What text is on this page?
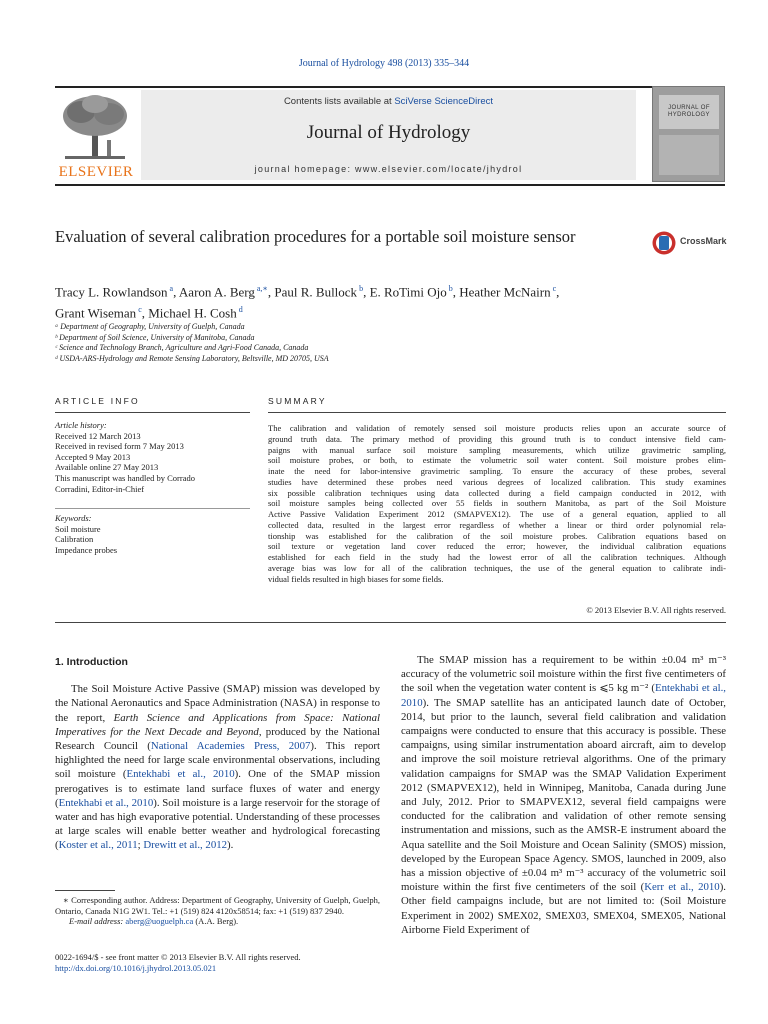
Journal of Hydrology 498 (2013) 335–344
ELSEVIER
Contents lists available at SciVerse ScienceDirect
Journal of Hydrology
journal homepage: www.elsevier.com/locate/jhydrol
JOURNAL OF HYDROLOGY
Evaluation of several calibration procedures for a portable soil moisture sensor	CrossMark
Tracy L. Rowlandson $^a$, Aaron A. Berg $^{a,∗}$, Paul R. Bullock $^b$, E. RoTimi Ojo $^b$, Heather McNairn $^c$,
Grant Wiseman $^c$, Michael H. Cosh $^d$
ᵃ Department of Geography, University of Guelph, Canada
ᵇ Department of Soil Science, University of Manitoba, Canada
ᶜ Science and Technology Branch, Agriculture and Agri-Food Canada, Canada
ᵈ USDA-ARS-Hydrology and Remote Sensing Laboratory, Beltsville, MD 20705, USA
ARTICLE INFO
Article history:
Received 12 March 2013
Received in revised form 7 May 2013
Accepted 9 May 2013
Available online 27 May 2013
This manuscript was handled by Corrado
Corradini, Editor-in-Chief
Keywords:
Soil moisture
Calibration
Impedance probes
SUMMARY
The calibration and validation of remotely sensed soil moisture products relies upon an accurate source of
ground truth data. The primary method of providing this ground truth is to conduct intensive field cam-
paigns with manual surface soil moisture sampling measurements, which utilize gravimetric sampling,
soil moisture probes, or both, to estimate the volumetric soil water content. Soil moisture probes elim-
inate the need for labor-intensive gravimetric sampling. To ensure the accuracy of these probes, several
studies have determined these probes need various degrees of localized calibration. This study examines
six possible calibration techniques using data collected during a field campaign conducted in 2012, with
soil moisture samples being collected over 55 fields in southern Manitoba, as part of the Soil Moisture
Active Passive Validation Experiment 2012 (SMAPVEX12). The use of a general equation, applied to all
collected data, resulted in the largest error regardless of whether a linear or third order polynomial rela-
tionship was established for the calibration of the soil moisture probes. Calibration equations based on
soil texture or vegetation land cover reduced the error; however, the individual calibration equations
established for each field in the study had the lowest error of all the calibration techniques. Although
average bias was low for all of the calibration techniques, the use of the general equation to calibrate indi-
vidual fields resulted in high biases for some fields.
© 2013 Elsevier B.V. All rights reserved.
1. Introduction

The Soil Moisture Active Passive (SMAP) mission was developed by the National Aeronautics and Space Administration (NASA) in response to the report, Earth Science and Applications from Space: National Imperatives for the Next Decade and Beyond, produced by the National Research Council (National Academies Press, 2007). This report highlighted the need for large scale environmental observations, including soil moisture (Entekhabi et al., 2010). One of the SMAP mission prerogatives is to estimate land surface fluxes of water and energy (Entekhabi et al., 2010). Soil moisture is a large reservoir for the storage of water and has high evaporative potential. Understanding of these processes at large scales will enable better weather and hydrological forecasting (Koster et al., 2011; Drewitt et al., 2012).

∗ Corresponding author. Address: Department of Geography, University of Guelph, Guelph, Ontario, Canada N1G 2W1. Tel.: +1 (519) 824 4120x58514; fax: +1 (519) 837 2940.
E-mail address: aberg@uoguelph.ca (A.A. Berg).
0022-1694/$ - see front matter © 2013 Elsevier B.V. All rights reserved.
http://dx.doi.org/10.1016/j.jhydrol.2013.05.021

The SMAP mission has a requirement to be within ±0.04 m³ m⁻³ accuracy of the volumetric soil moisture within the first five centimeters of the soil when the vegetation water content is ⩽5 kg m⁻² (Entekhabi et al., 2010). The SMAP satellite has an anticipated launch date of October, 2014, but prior to the launch, several field calibration and validation campaigns were conducted to ensure that this accuracy is possible. These campaigns, using similar instrumentation aboard aircraft, aim to develop and improve the soil moisture retrieval algorithms. One of the primary validation campaigns for SMAP was the SMAP Validation Experiment 2012 (SMAPVEX12), held in Winnipeg, Manitoba, Canada during June and July, 2012. Prior to SMAPVEX12, several field campaigns were conducted for the calibration and validation of other remote sensing instrumentation and missions, such as the AMSR-E instrument aboard the Aqua satellite and the Soil Moisture and Ocean Salinity (SMOS) mission, developed by the European Space Agency. SMOS, launched in 2009, also has a mission objective of ±0.04 m³ m⁻³ accuracy of the volumetric soil moisture within the first five centimeters of the soil (Kerr et al., 2010). Other field campaigns include, but are not limited to: (Soil Moisture Experiment in 2002) SMEX02, SMEX03, SMEX04, SMEX05, National Airborne Field Experiment of
